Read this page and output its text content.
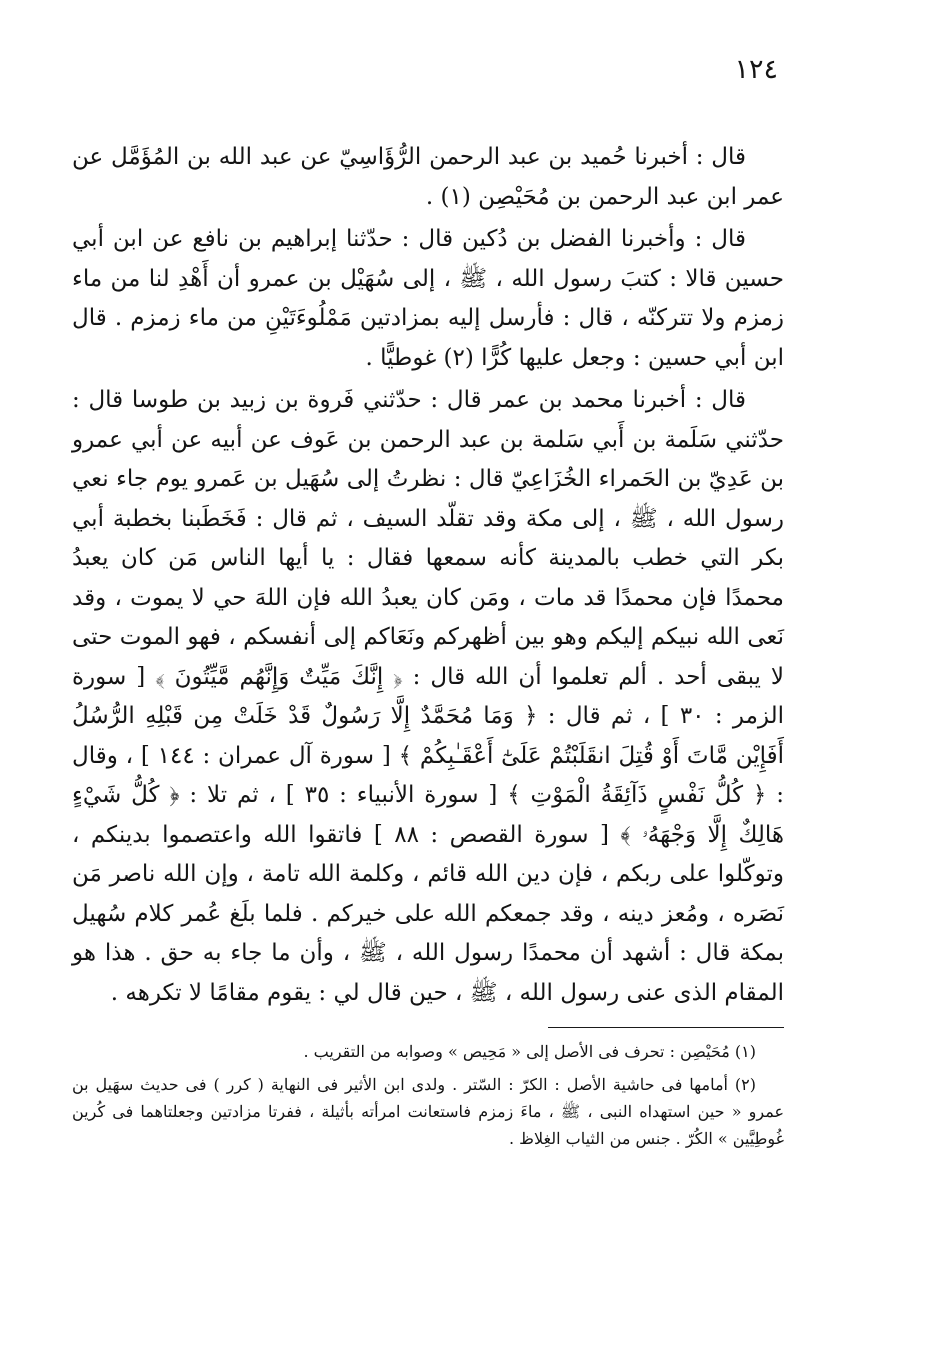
١٢٤

قال : أخبرنا حُميد بن عبد الرحمن الرُّؤَاسِيّ عن عبد الله بن المُؤَمَّل عن عمر ابن عبد الرحمن بن مُحَيْصِن (١) .

قال : وأخبرنا الفضل بن دُكين قال : حدّثنا إبراهيم بن نافع عن ابن أبي حسين قالا : كتبَ رسول الله ، ﷺ ، إلى سُهَيْل بن عمرو أن أَهْدِ لنا من ماء زمزم ولا تتركنّه ، قال : فأرسل إليه بمزادتين مَمْلُوءَتَيْنِ من ماء زمزم . قال ابن أبي حسين : وجعل عليها كُرًّا (٢) غوطيًّا .

قال : أخبرنا محمد بن عمر قال : حدّثني فَروة بن زبيد بن طوسا قال : حدّثني سَلَمة بن أَبي سَلمة بن عبد الرحمن بن عَوف عن أبيه عن أبي عمرو بن عَدِيّ بن الحَمراء الخُزَاعِيّ قال : نظرتُ إلى سُهَيل بن عَمرو يوم جاء نعي رسول الله ، ﷺ ، إلى مكة وقد تقلّد السيف ، ثم قال : فَخَطَبنا بخطبة أبي بكر التي خطب بالمدينة كأنه سمعها فقال : يا أيها الناس مَن كان يعبدُ محمدًا فإن محمدًا قد مات ، ومَن كان يعبدُ الله فإن اللهَ حي لا يموت ، وقد نَعى الله نبيكم إليكم وهو بين أظهركم ونَعَاكم إلى أنفسكم ، فهو الموت حتى لا يبقى أحد . ألم تعلموا أن الله قال : ﴿ إِنَّكَ مَيِّتٌ وَإِنَّهُم مَّيِّتُونَ ﴾ [ سورة الزمر : ٣٠ ] ، ثم قال : ﴿ وَمَا مُحَمَّدٌ إِلَّا رَسُولٌ قَدْ خَلَتْ مِن قَبْلِهِ الرُّسُلُ أَفَإِيْن مَّاتَ أَوْ قُتِلَ انقَلَبْتُمْ عَلَىٰٓ أَعْقَـٰبِكُمْ ﴾ [ سورة آل عمران : ١٤٤ ] ، وقال : ﴿ كُلُّ نَفْسٍ ذَآئِقَةُ الْمَوْتِ ﴾ [ سورة الأنبياء : ٣٥ ] ، ثم تلا : ﴿ كُلُّ شَيْءٍ هَالِكٌ إِلَّا وَجْهَهُۥ ﴾ [ سورة القصص : ٨٨ ] فاتقوا الله واعتصموا بدينكم ، وتوكّلوا على ربكم ، فإن دين الله قائم ، وكلمة الله تامة ، وإن الله ناصر مَن نَصَره ، ومُعز دينه ، وقد جمعكم الله على خيركم . فلما بلَغ عُمر كلام سُهيل بمكة قال : أشهد أن محمدًا رسول الله ، ﷺ ، وأن ما جاء به حق . هذا هو المقام الذى عنى رسول الله ، ﷺ ، حين قال لي : يقوم مقامًا لا تكرهه .

(١) مُحَيْصِن : تحرف فى الأصل إلى « مَحِيص » وصوابه من التقريب .

(٢) أمامها فى حاشية الأصل : الكرّ : السّتر . ولدى ابن الأثير فى النهاية ( كرر ) فى حديث سهَيل بن عمرو « حين استهداه النبى ، ﷺ ، ماءَ زمزم فاستعانت امرأته بأثيلة ، ففرتا مزادتين وجعلتاهما فى كُرين غُوطِيَّين » الكُرّ . جنس من الثياب الغِلاظ .
